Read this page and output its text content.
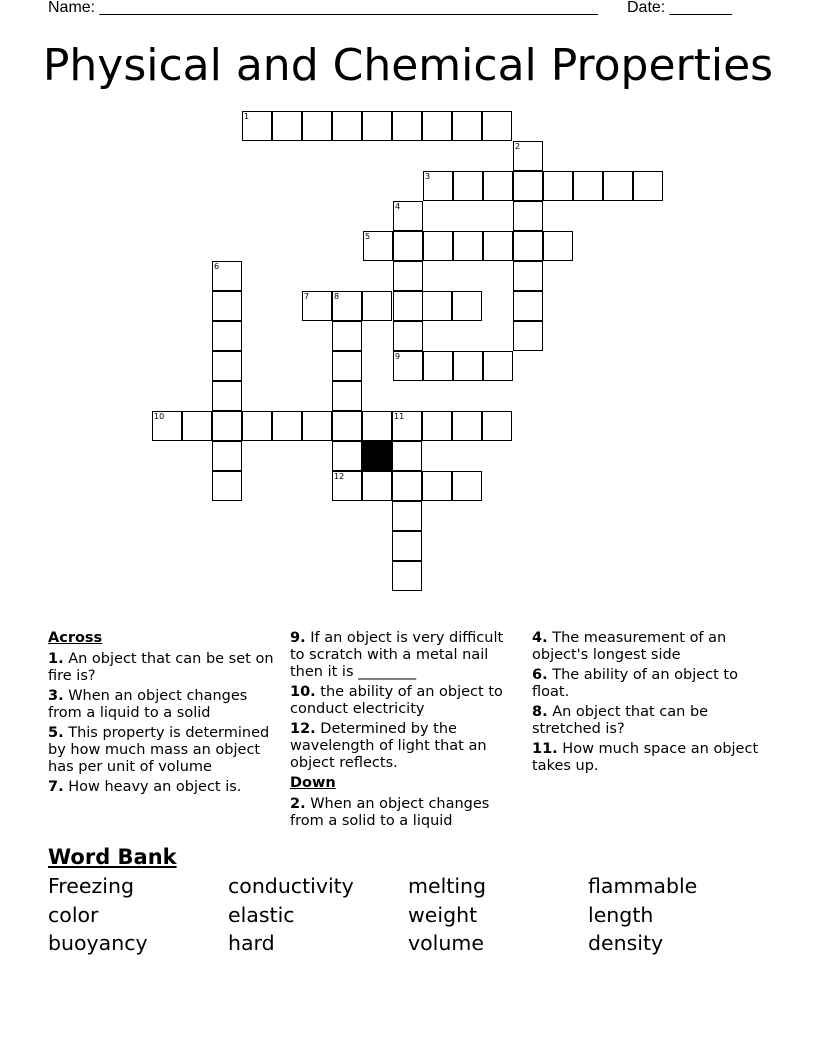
Name: ________________________________________________________ Date: _______
Physical and Chemical Properties
1
2
3
4
5
6
7	8
9
10	11
12
Across
1. An object that can be set on fire is?
3. When an object changes from a liquid to a solid
5. This property is determined by how much mass an object has per unit of volume
7. How heavy an object is.
9. If an object is very difficult to scratch with a metal nail then it is ________
10. the ability of an object to conduct electricity
12. Determined by the wavelength of light that an object reflects.
Down
2. When an object changes from a solid to a liquid
4. The measurement of an object's longest side
6. The ability of an object to float.
8. An object that can be stretched is?
11. How much space an object takes up.
Word Bank
Freezing	conductivity	melting	flammable
color	elastic	weight	length
buoyancy	hard	volume	density
